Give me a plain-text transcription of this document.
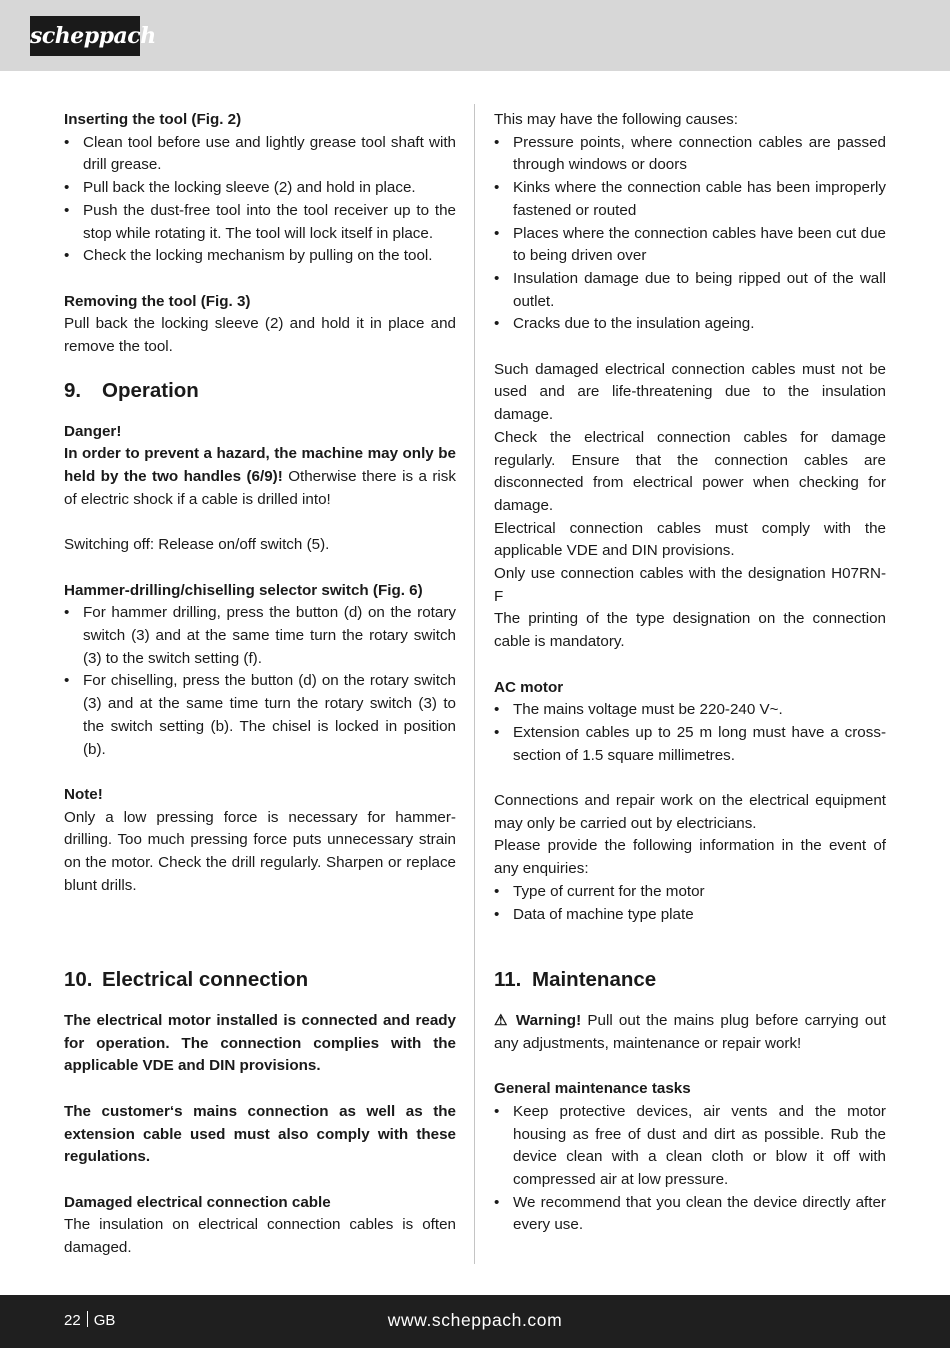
scheppach

Inserting the tool (Fig. 2)

• Clean tool before use and lightly grease tool shaft with drill grease.
• Pull back the locking sleeve (2) and hold in place.
• Push the dust-free tool into the tool receiver up to the stop while rotating it. The tool will lock itself in place.
• Check the locking mechanism by pulling on the tool.

Removing the tool (Fig. 3)

Pull back the locking sleeve (2) and hold it in place and remove the tool.

9. Operation

Danger!

In order to prevent a hazard, the machine may only be held by the two handles (6/9)! Otherwise there is a risk of electric shock if a cable is drilled into!

Switching off: Release on/off switch (5).

Hammer-drilling/chiselling selector switch (Fig. 6)

• For hammer drilling, press the button (d) on the rotary switch (3) and at the same time turn the rotary switch (3) to the switch setting (f).
• For chiselling, press the button (d) on the rotary switch (3) and at the same time turn the rotary switch (3) to the switch setting (b). The chisel is locked in position (b).

Note!

Only a low pressing force is necessary for hammer-drilling. Too much pressing force puts unnecessary strain on the motor. Check the drill regularly. Sharpen or replace blunt drills.

This may have the following causes:

• Pressure points, where connection cables are passed through windows or doors
• Kinks where the connection cable has been improperly fastened or routed
• Places where the connection cables have been cut due to being driven over
• Insulation damage due to being ripped out of the wall outlet.
• Cracks due to the insulation ageing.

Such damaged electrical connection cables must not be used and are life-threatening due to the insulation damage.

Check the electrical connection cables for damage regularly. Ensure that the connection cables are disconnected from electrical power when checking for damage.

Electrical connection cables must comply with the applicable VDE and DIN provisions.

Only use connection cables with the designation H07RN-F

The printing of the type designation on the connection cable is mandatory.

AC motor

• The mains voltage must be 220-240 V~.
• Extension cables up to 25 m long must have a cross-section of 1.5 square millimetres.

Connections and repair work on the electrical equipment may only be carried out by electricians.

Please provide the following information in the event of any enquiries:

• Type of current for the motor
• Data of machine type plate
10. Electrical connection

The electrical motor installed is connected and ready for operation. The connection complies with the applicable VDE and DIN provisions.

The customer‘s mains connection as well as the extension cable used must also comply with these regulations.

Damaged electrical connection cable

The insulation on electrical connection cables is often damaged.

11. Maintenance

⚠ Warning! Pull out the mains plug before carrying out any adjustments, maintenance or repair work!

General maintenance tasks

• Keep protective devices, air vents and the motor housing as free of dust and dirt as possible. Rub the device clean with a clean cloth or blow it off with compressed air at low pressure.
• We recommend that you clean the device directly after every use.
22 GB	www.scheppach.com
